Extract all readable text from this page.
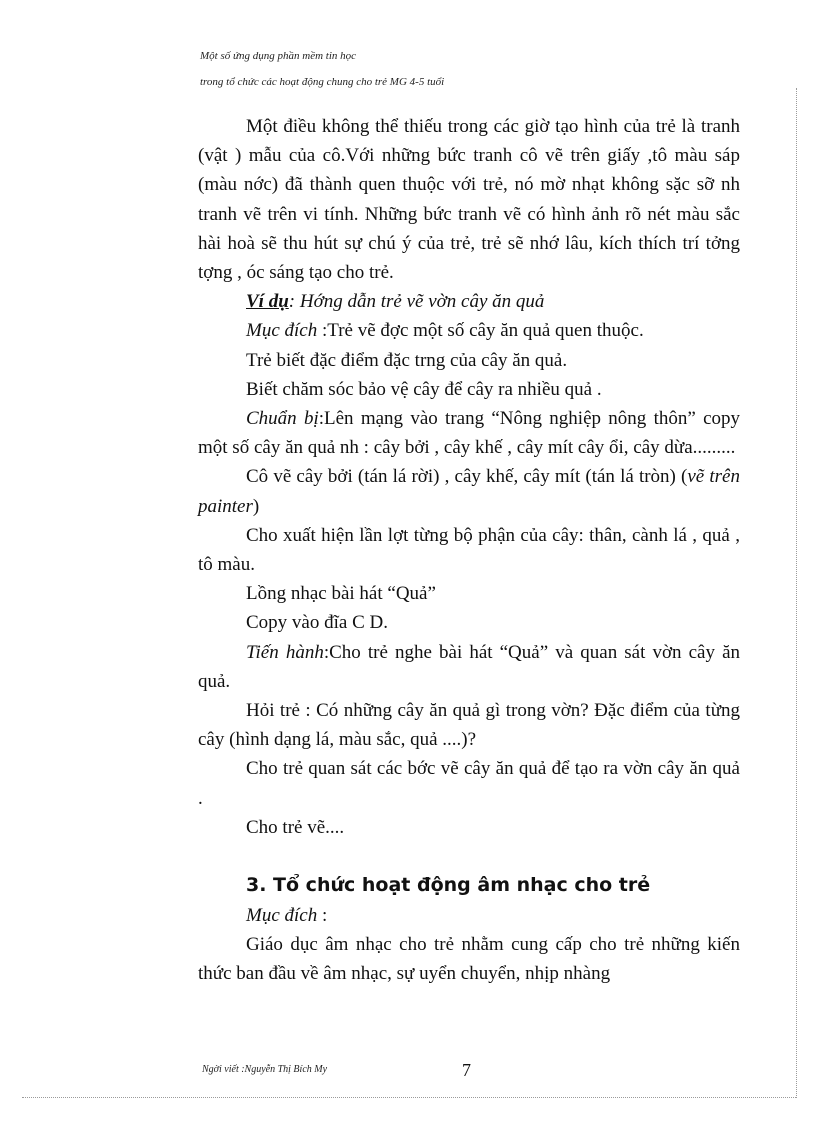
Một số ứng dụng phần mềm tin học
trong tổ chức các hoạt động chung cho trẻ MG 4-5 tuổi

Một điều không thể thiếu trong các giờ tạo hình của trẻ là tranh (vật ) mẫu của cô.Với những bức tranh cô vẽ trên giấy ,tô màu sáp (màu nớc) đã thành quen thuộc với trẻ, nó mờ nhạt không sặc sỡ nh tranh vẽ trên vi tính. Những bức tranh vẽ có hình ảnh rõ nét màu sắc hài hoà sẽ thu hút sự chú ý của trẻ, trẻ sẽ nhớ lâu, kích thích trí tởng tợng , óc sáng tạo cho trẻ.

Ví dụ: Hớng dẫn trẻ vẽ vờn cây ăn quả

Mục đích :Trẻ vẽ đợc một số cây ăn quả quen thuộc.

Trẻ biết đặc điểm đặc trng của cây ăn quả.

Biết chăm sóc bảo vệ cây để cây ra nhiều quả .

Chuẩn bị:Lên mạng vào trang “Nông nghiệp nông thôn” copy một số cây ăn quả nh : cây bởi , cây khế , cây mít cây ổi, cây dừa.........

Cô vẽ cây bởi (tán lá rời) , cây khế, cây mít (tán lá tròn) (vẽ trên painter)

Cho xuất hiện lần lợt từng bộ phận của cây: thân, cành lá , quả , tô màu.

Lồng nhạc bài hát “Quả”

Copy vào đĩa C D.

Tiến hành:Cho trẻ nghe bài hát “Quả” và quan sát vờn cây ăn quả.

Hỏi trẻ : Có những cây ăn quả gì trong vờn? Đặc điểm của từng cây (hình dạng lá, màu sắc, quả ....)?

Cho trẻ quan sát các bớc vẽ cây ăn quả để tạo ra vờn cây ăn quả .

Cho trẻ vẽ....

3. Tổ chức hoạt động âm nhạc cho trẻ

Mục đích :

Giáo dục âm nhạc cho trẻ nhằm cung cấp cho trẻ những kiến thức ban đầu về âm nhạc, sự uyển chuyển, nhịp nhàng

Ngời viết :Nguyễn Thị Bích My	7
